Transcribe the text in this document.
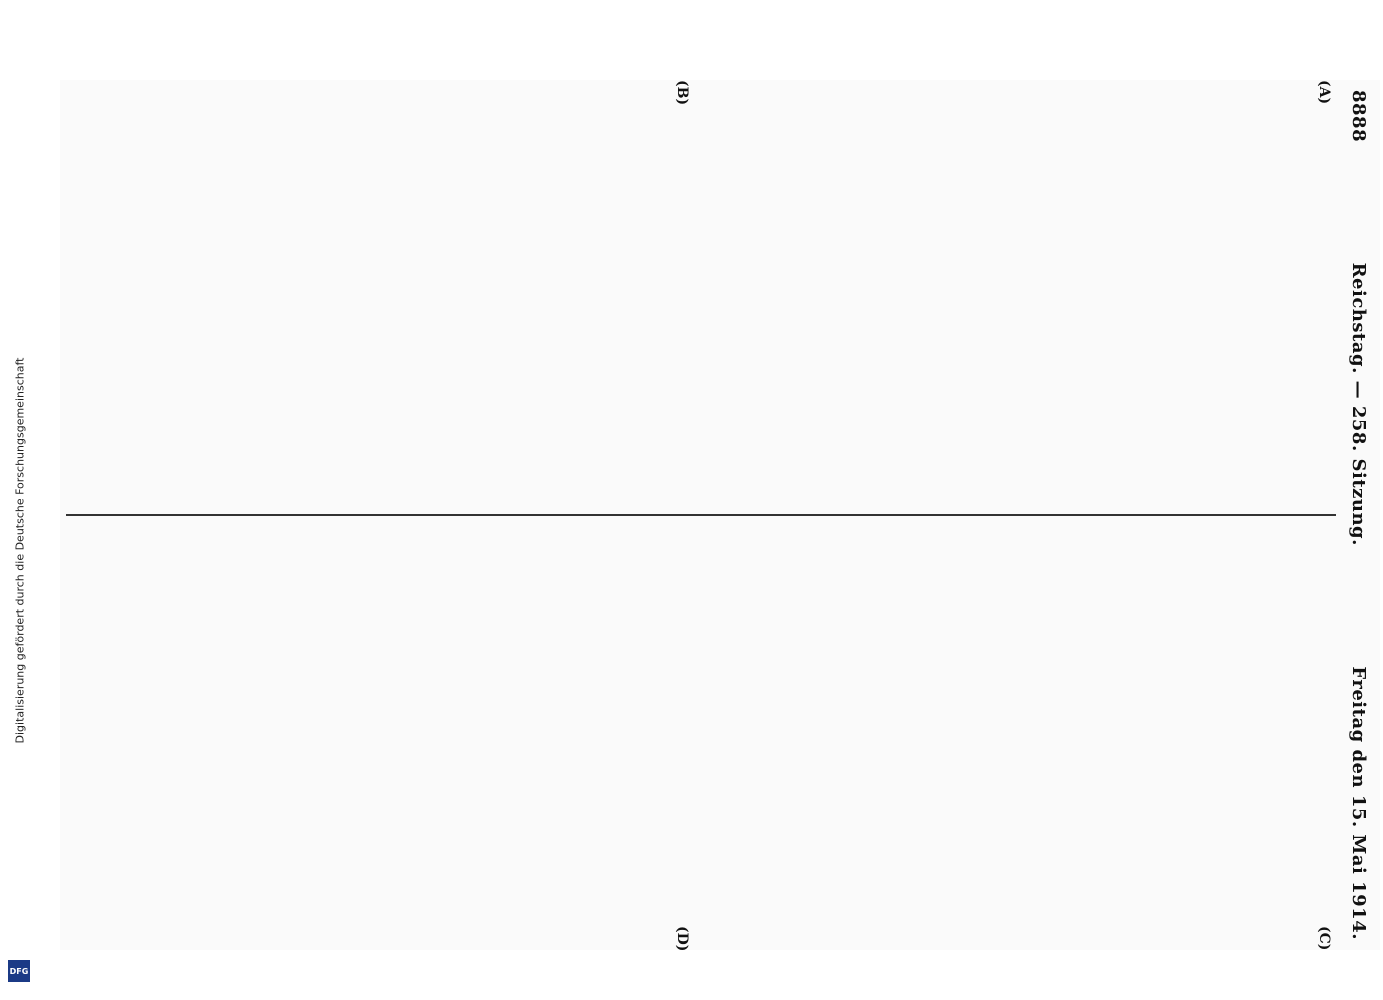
Digitalisierung gefördert durch die Deutsche Forschungsgemeinschaft
DFG
8888
Reichstag. — 258. Sitzung.
Freitag den 15. Mai 1914.
(A)
(B)
(C)
(D)
